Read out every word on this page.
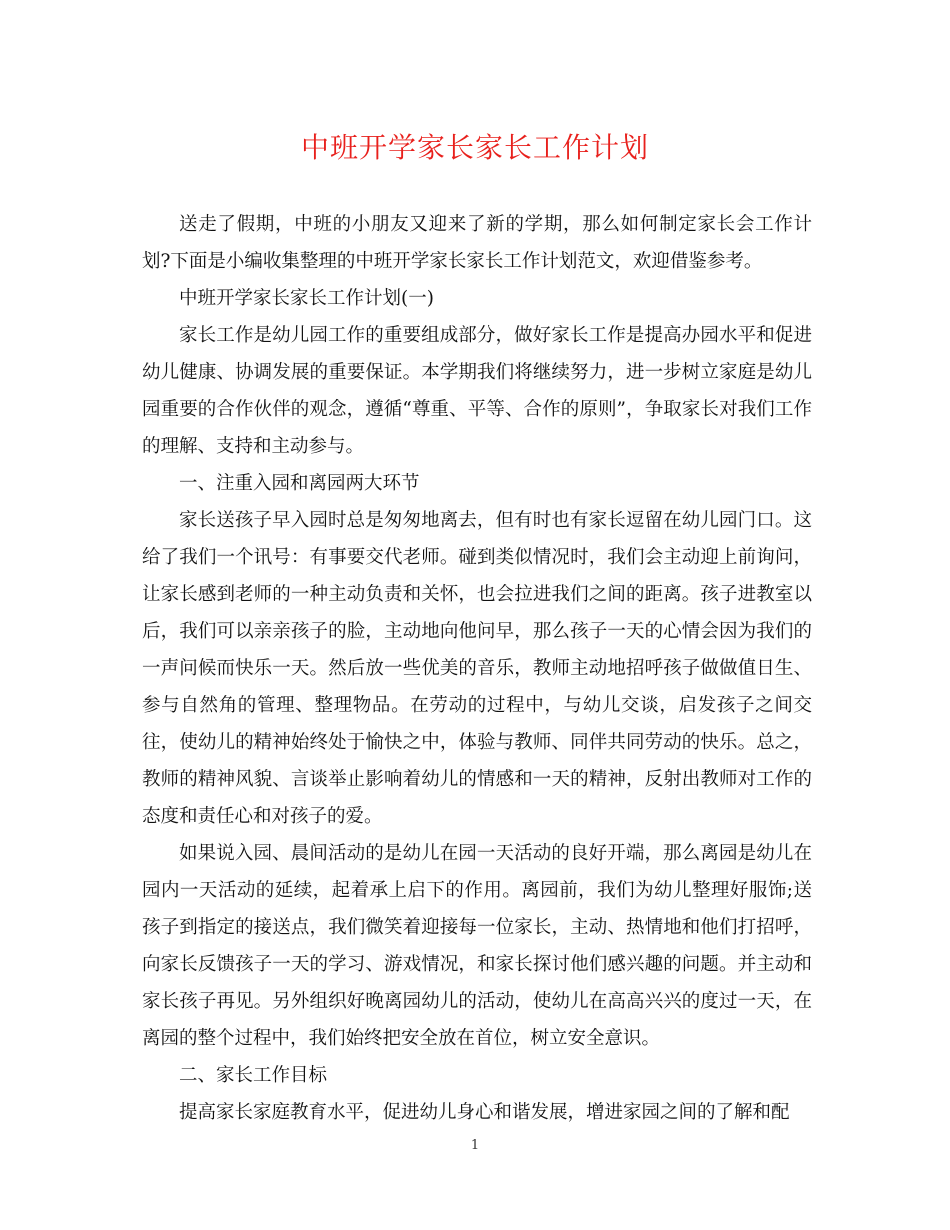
中班开学家长家长工作计划

送走了假期，中班的小朋友又迎来了新的学期，那么如何制定家长会工作计划?下面是小编收集整理的中班开学家长家长工作计划范文，欢迎借鉴参考。

中班开学家长家长工作计划(一)

家长工作是幼儿园工作的重要组成部分，做好家长工作是提高办园水平和促进幼儿健康、协调发展的重要保证。本学期我们将继续努力，进一步树立家庭是幼儿园重要的合作伙伴的观念，遵循“尊重、平等、合作的原则”，争取家长对我们工作的理解、支持和主动参与。

一、注重入园和离园两大环节

家长送孩子早入园时总是匆匆地离去，但有时也有家长逗留在幼儿园门口。这给了我们一个讯号：有事要交代老师。碰到类似情况时，我们会主动迎上前询问，让家长感到老师的一种主动负责和关怀，也会拉进我们之间的距离。孩子进教室以后，我们可以亲亲孩子的脸，主动地向他问早，那么孩子一天的心情会因为我们的一声问候而快乐一天。然后放一些优美的音乐，教师主动地招呼孩子做做值日生、参与自然角的管理、整理物品。在劳动的过程中，与幼儿交谈，启发孩子之间交往，使幼儿的精神始终处于愉快之中，体验与教师、同伴共同劳动的快乐。总之，教师的精神风貌、言谈举止影响着幼儿的情感和一天的精神，反射出教师对工作的态度和责任心和对孩子的爱。

如果说入园、晨间活动的是幼儿在园一天活动的良好开端，那么离园是幼儿在园内一天活动的延续，起着承上启下的作用。离园前，我们为幼儿整理好服饰;送孩子到指定的接送点，我们微笑着迎接每一位家长，主动、热情地和他们打招呼，向家长反馈孩子一天的学习、游戏情况，和家长探讨他们感兴趣的问题。并主动和家长孩子再见。另外组织好晚离园幼儿的活动，使幼儿在高高兴兴的度过一天，在离园的整个过程中，我们始终把安全放在首位，树立安全意识。

二、家长工作目标

提高家长家庭教育水平，促进幼儿身心和谐发展，增进家园之间的了解和配

1
